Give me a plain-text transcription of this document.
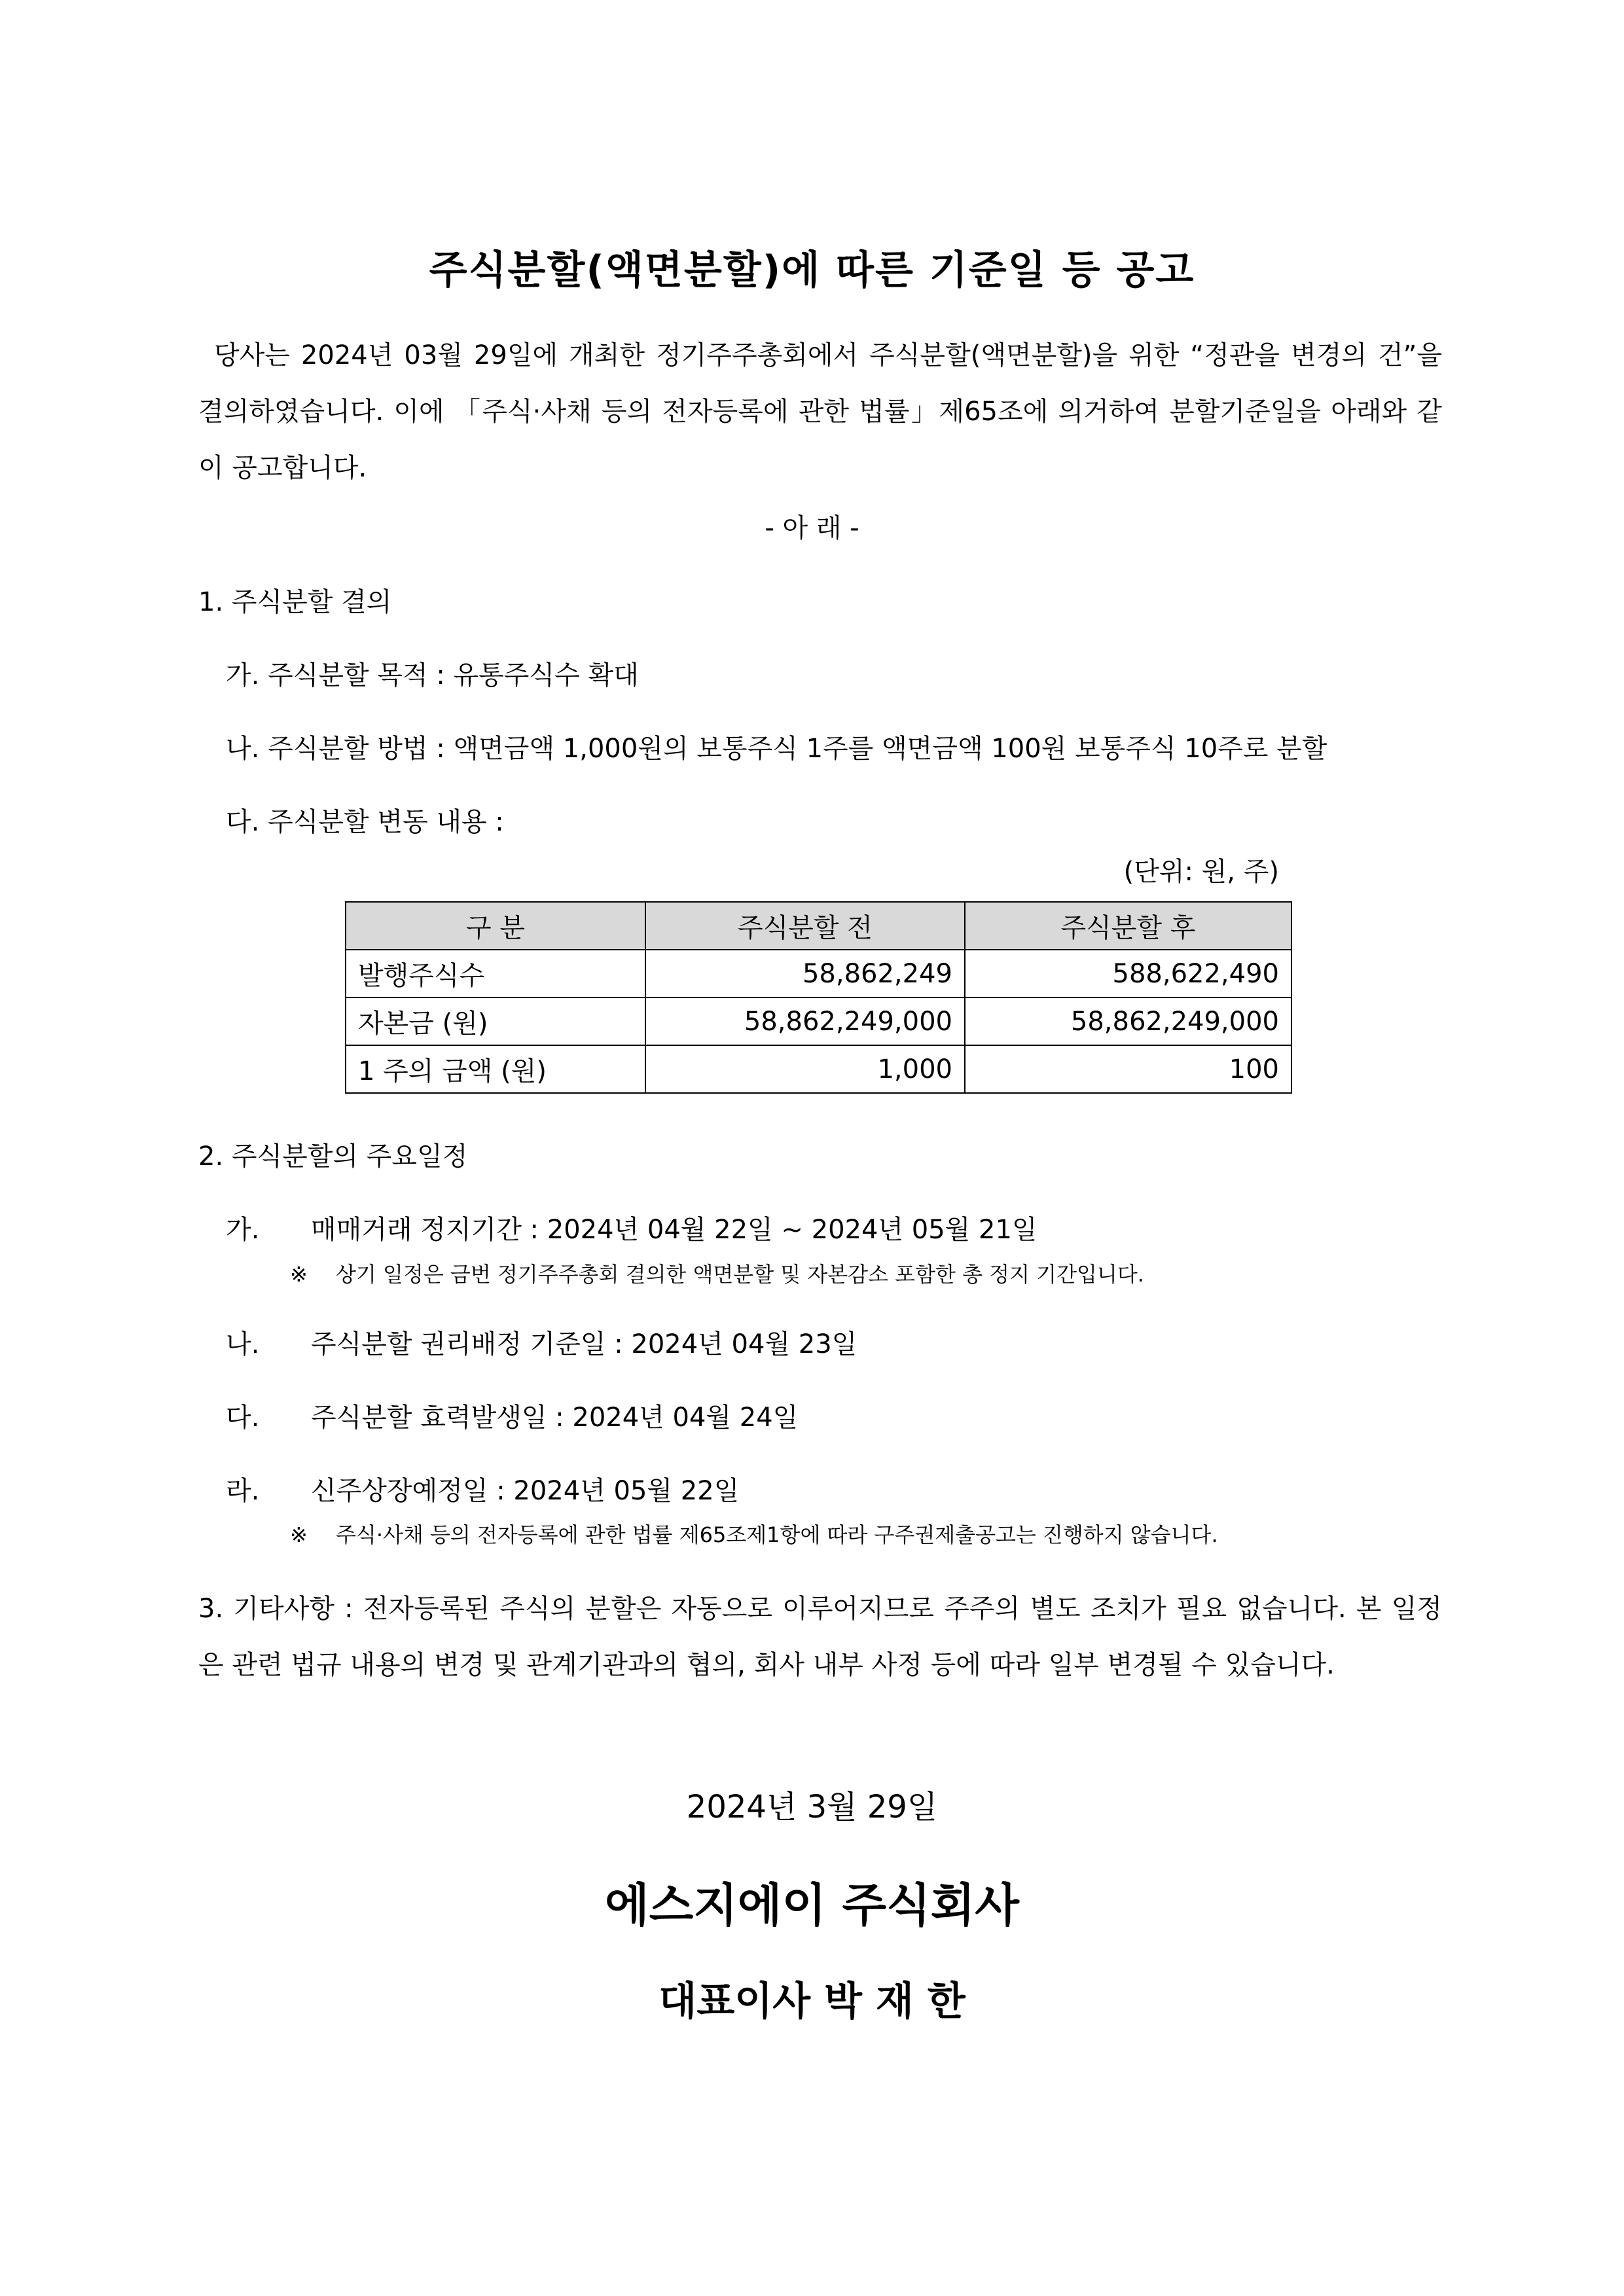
주식분할(액면분할)에 따른 기준일 등 공고
당사는 2024년 03월 29일에 개최한 정기주주총회에서 주식분할(액면분할)을 위한 “정관을 변경의 건”을 결의하였습니다. 이에 「주식·사채 등의 전자등록에 관한 법률」제65조에 의거하여 분할기준일을 아래와 같이 공고합니다.
- 아 래 -
1. 주식분할 결의
가. 주식분할 목적 : 유통주식수 확대
나. 주식분할 방법 : 액면금액 1,000원의 보통주식 1주를 액면금액 100원 보통주식 10주로 분할
다. 주식분할 변동 내용 :
(단위: 원, 주)
구 분	주식분할 전	주식분할 후
발행주식수	58,862,249	588,622,490
자본금 (원)	58,862,249,000	58,862,249,000
1 주의 금액 (원)	1,000	100
2. 주식분할의 주요일정
가. 매매거래 정지기간 : 2024년 04월 22일 ~ 2024년 05월 21일
※ 상기 일정은 금번 정기주주총회 결의한 액면분할 및 자본감소 포함한 총 정지 기간입니다.
나. 주식분할 권리배정 기준일 : 2024년 04월 23일
다. 주식분할 효력발생일 : 2024년 04월 24일
라. 신주상장예정일 : 2024년 05월 22일
※ 주식·사채 등의 전자등록에 관한 법률 제65조제1항에 따라 구주권제출공고는 진행하지 않습니다.
3. 기타사항 : 전자등록된 주식의 분할은 자동으로 이루어지므로 주주의 별도 조치가 필요 없습니다. 본 일정은 관련 법규 내용의 변경 및 관계기관과의 협의, 회사 내부 사정 등에 따라 일부 변경될 수 있습니다.
2024년 3월 29일
에스지에이 주식회사
대표이사 박 재 한
